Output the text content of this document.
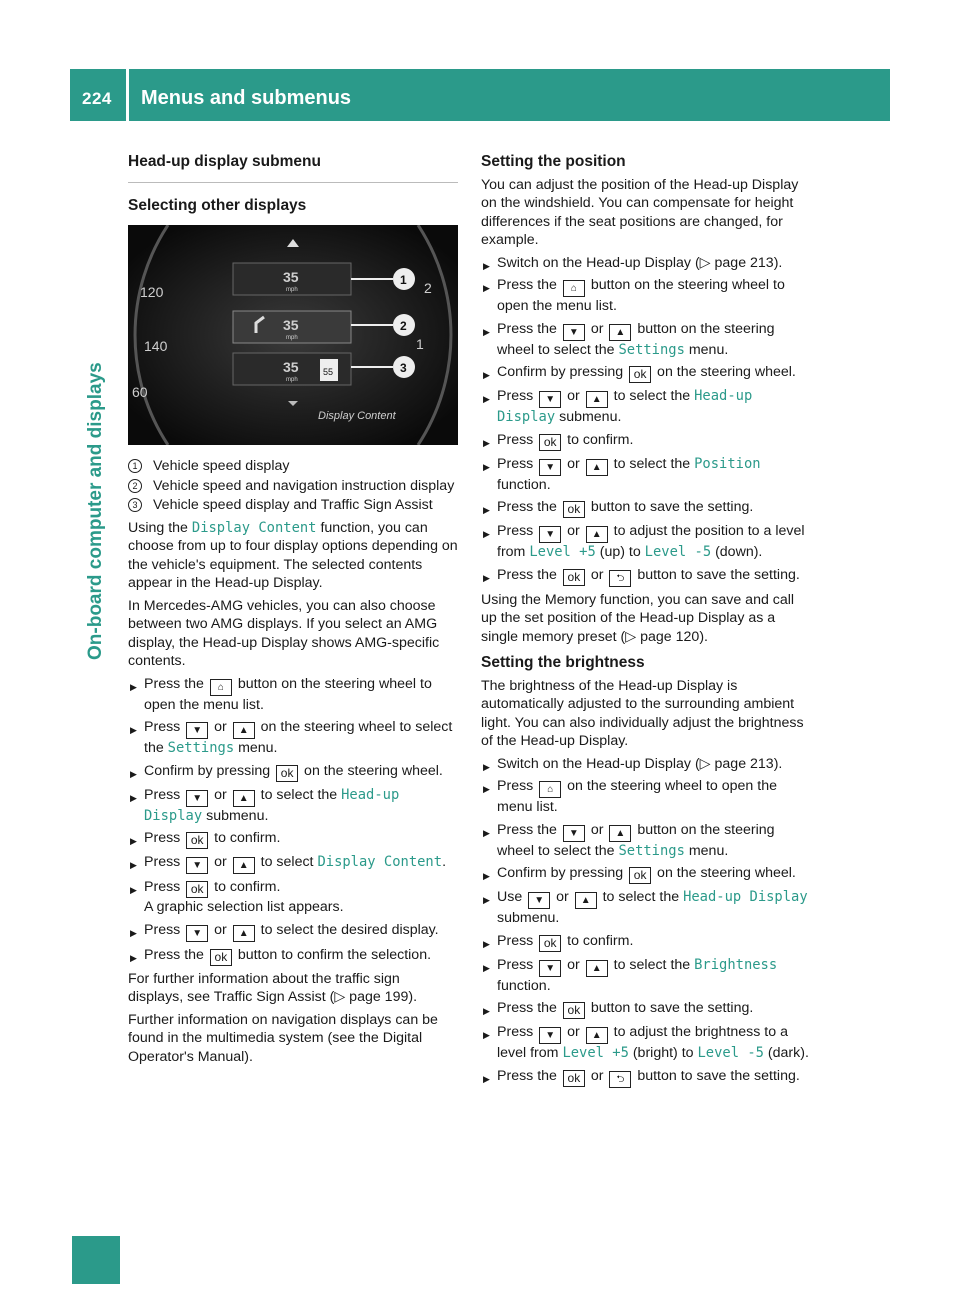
224	Menus and submenus
On-board computer and displays
Head-up display submenu
Selecting other displays
120
140
60
2
1
35
mph
35
mph
35
mph
55
Display Content
1
2
3
1	Vehicle speed display
2	Vehicle speed and navigation instruction display
3	Vehicle speed display and Traffic Sign Assist

Using the Display Content function, you can choose from up to four display options depending on the vehicle's equipment. The selected contents appear in the Head-up Display.

In Mercedes-AMG vehicles, you can also choose between two AMG displays. If you select an AMG display, the Head-up Display shows AMG-specific contents.

▶ Press the ⌂ button on the steering wheel to open the menu list.
▶ Press ▼ or ▲ on the steering wheel to select the Settings menu.
▶ Confirm by pressing ok on the steering wheel.
▶ Press ▼ or ▲ to select the Head-up Display submenu.
▶ Press ok to confirm.
▶ Press ▼ or ▲ to select Display Content.
▶ Press ok to confirm.
A graphic selection list appears.
▶ Press ▼ or ▲ to select the desired display.
▶ Press the ok button to confirm the selection.

For further information about the traffic sign displays, see Traffic Sign Assist (▷ page 199).

Further information on navigation displays can be found in the multimedia system (see the Digital Operator's Manual).

Setting the position

You can adjust the position of the Head-up Display on the windshield. You can compensate for height differences if the seat positions are changed, for example.

▶ Switch on the Head-up Display (▷ page 213).
▶ Press the ⌂ button on the steering wheel to open the menu list.
▶ Press the ▼ or ▲ button on the steering wheel to select the Settings menu.
▶ Confirm by pressing ok on the steering wheel.
▶ Press ▼ or ▲ to select the Head-up Display submenu.
▶ Press ok to confirm.
▶ Press ▼ or ▲ to select the Position function.
▶ Press the ok button to save the setting.
▶ Press ▼ or ▲ to adjust the position to a level from Level +5 (up) to Level -5 (down).
▶ Press the ok or ⮌ button to save the setting.

Using the Memory function, you can save and call up the set position of the Head-up Display as a single memory preset (▷ page 120).

Setting the brightness

The brightness of the Head-up Display is automatically adjusted to the surrounding ambient light. You can also individually adjust the brightness of the Head-up Display.

▶ Switch on the Head-up Display (▷ page 213).
▶ Press ⌂ on the steering wheel to open the menu list.
▶ Press the ▼ or ▲ button on the steering wheel to select the Settings menu.
▶ Confirm by pressing ok on the steering wheel.
▶ Use ▼ or ▲ to select the Head-up Display submenu.
▶ Press ok to confirm.
▶ Press ▼ or ▲ to select the Brightness function.
▶ Press the ok button to save the setting.
▶ Press ▼ or ▲ to adjust the brightness to a level from Level +5 (bright) to Level -5 (dark).
▶ Press the ok or ⮌ button to save the setting.
